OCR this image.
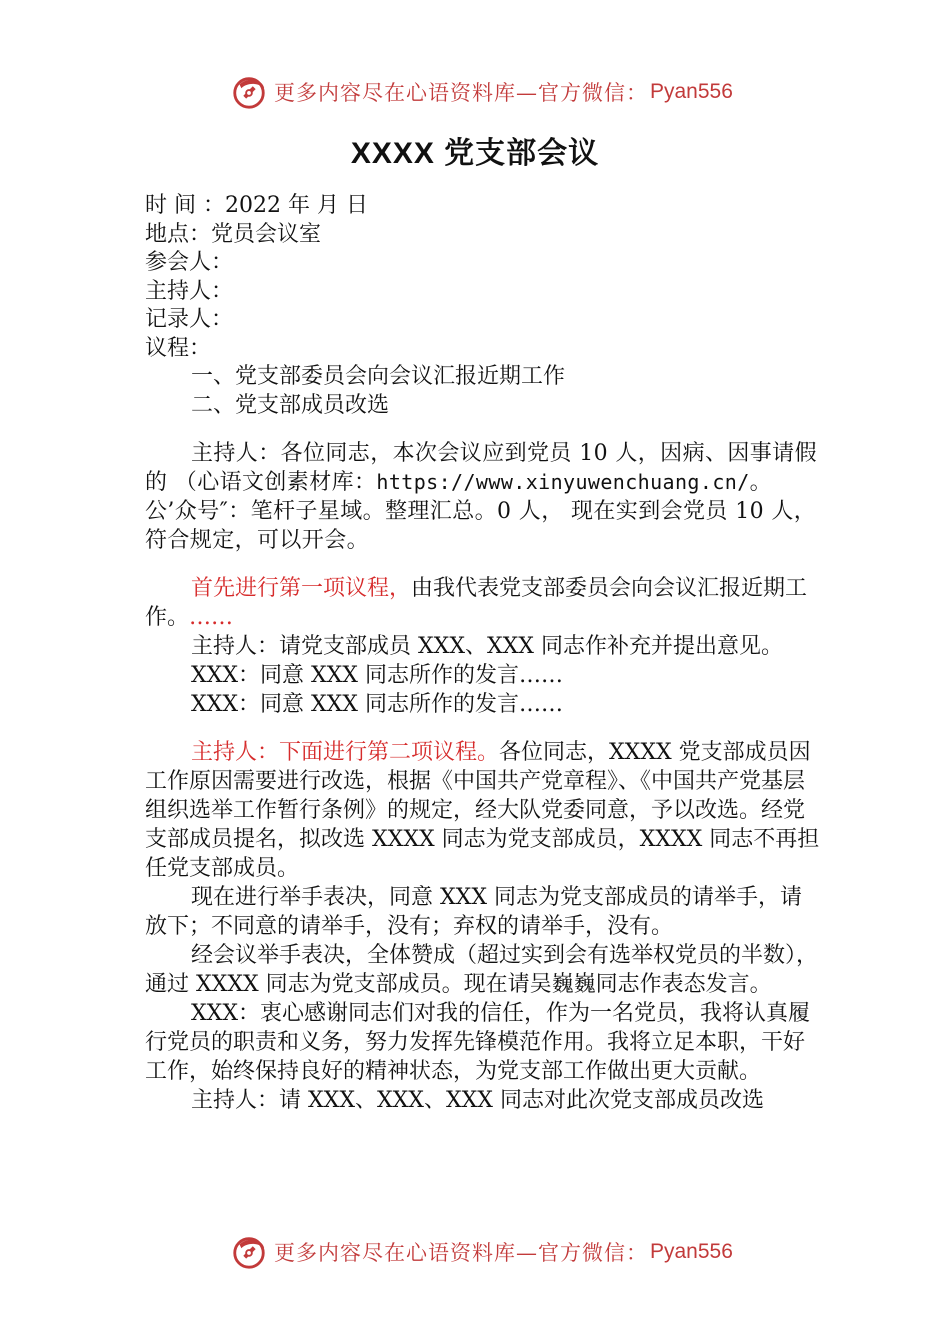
更多内容尽在心语资料库—官方微信： Pyan556
XXXX 党支部会议
时 间 ：2022 年 月 日
地点：党员会议室
参会人：
主持人：
记录人：
议程：
一、党支部委员会向会议汇报近期工作
二、党支部成员改选
主持人：各位同志，本次会议应到党员 10 人，因病、因事请假的 （心语文创素材库：https://www.xinyuwenchuang.cn/。公’众号″：笔杆子星域。整理汇总。0 人， 现在实到会党员 10 人，符合规定，可以开会。
首先进行第一项议程，由我代表党支部委员会向会议汇报近期工作。……
主持人：请党支部成员 XXX、XXX 同志作补充并提出意见。
XXX：同意 XXX 同志所作的发言……
XXX：同意 XXX 同志所作的发言……
主持人：下面进行第二项议程。各位同志，XXXX 党支部成员因工作原因需要进行改选，根据《中国共产党章程》、《中国共产党基层组织选举工作暂行条例》的规定，经大队党委同意，予以改选。经党支部成员提名，拟改选 XXXX 同志为党支部成员，XXXX 同志不再担任党支部成员。
现在进行举手表决，同意 XXX 同志为党支部成员的请举手，请放下；不同意的请举手，没有；弃权的请举手，没有。
经会议举手表决，全体赞成（超过实到会有选举权党员的半数），通过 XXXX 同志为党支部成员。现在请吴巍巍同志作表态发言。
XXX：衷心感谢同志们对我的信任，作为一名党员，我将认真履行党员的职责和义务，努力发挥先锋模范作用。我将立足本职，干好工作，始终保持良好的精神状态，为党支部工作做出更大贡献。
主持人：请 XXX、XXX、XXX 同志对此次党支部成员改选
更多内容尽在心语资料库—官方微信： Pyan556
